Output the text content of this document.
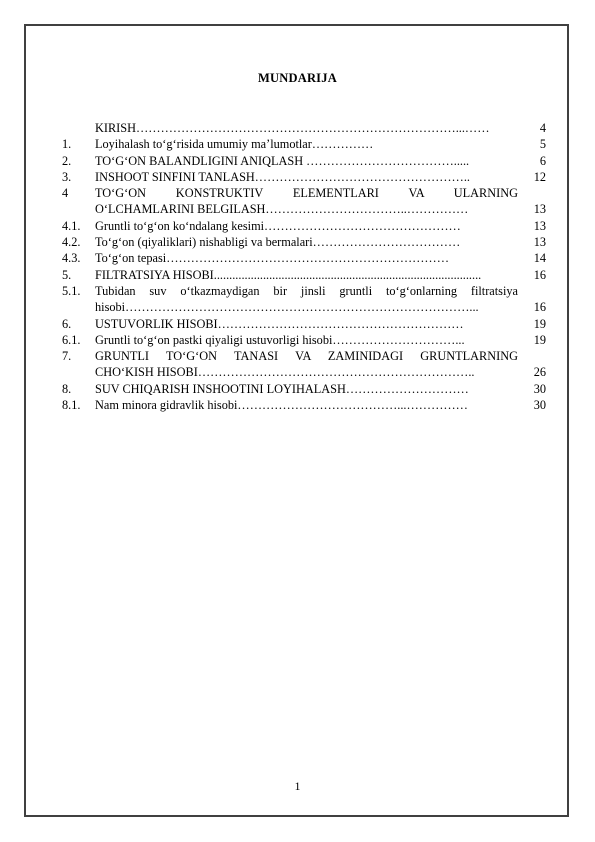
MUNDARIJA
KIRISH……………………………………………………………………...……	4
1.	Loyihalash to‘g‘risida umumiy ma’lumotlar……………	5
2.	TO‘G‘ON BALANDLIGINI ANIQLASH ……………………………….....	6
3.	INSHOOT SINFINI TANLASH……………………………………………..	12
4	TO‘G‘ON KONSTRUKTIV ELEMENTLARI VA ULARNING
O‘LCHAMLARINI BELGILASH……………………………..……………	13
4.1.	Gruntli to‘g‘on ko‘ndalang kesimi…………………………………………	13
4.2.	To‘g‘on (qiyaliklari) nishabligi va bermalari………………………………	13
4.3.	To‘g‘on tepasi……………………………………………………………	14
5.	FILTRATSIYA HISOBI.......................................................................................	16
5.1.	Tubidan suv o‘tkazmaydigan bir jinsli gruntli to‘g‘onlarning filtratsiya
hisobi…………………………………………………………………………...	16
6.	USTUVORLIK HISOBI……………………………………………………	19
6.1.	Gruntli to‘g‘on pastki qiyaligi ustuvorligi hisobi…………………………...	19
7.	GRUNTLI TO‘G‘ON TANASI VA ZAMINIDAGI GRUNTLARNING
CHO‘KISH HISOBI…………………………………………………………..	26
8.	SUV CHIQARISH INSHOOTINI LOYIHALASH…………………………	30
8.1.	Nam minora gidravlik hisobi…………………………………...……………	30
1
